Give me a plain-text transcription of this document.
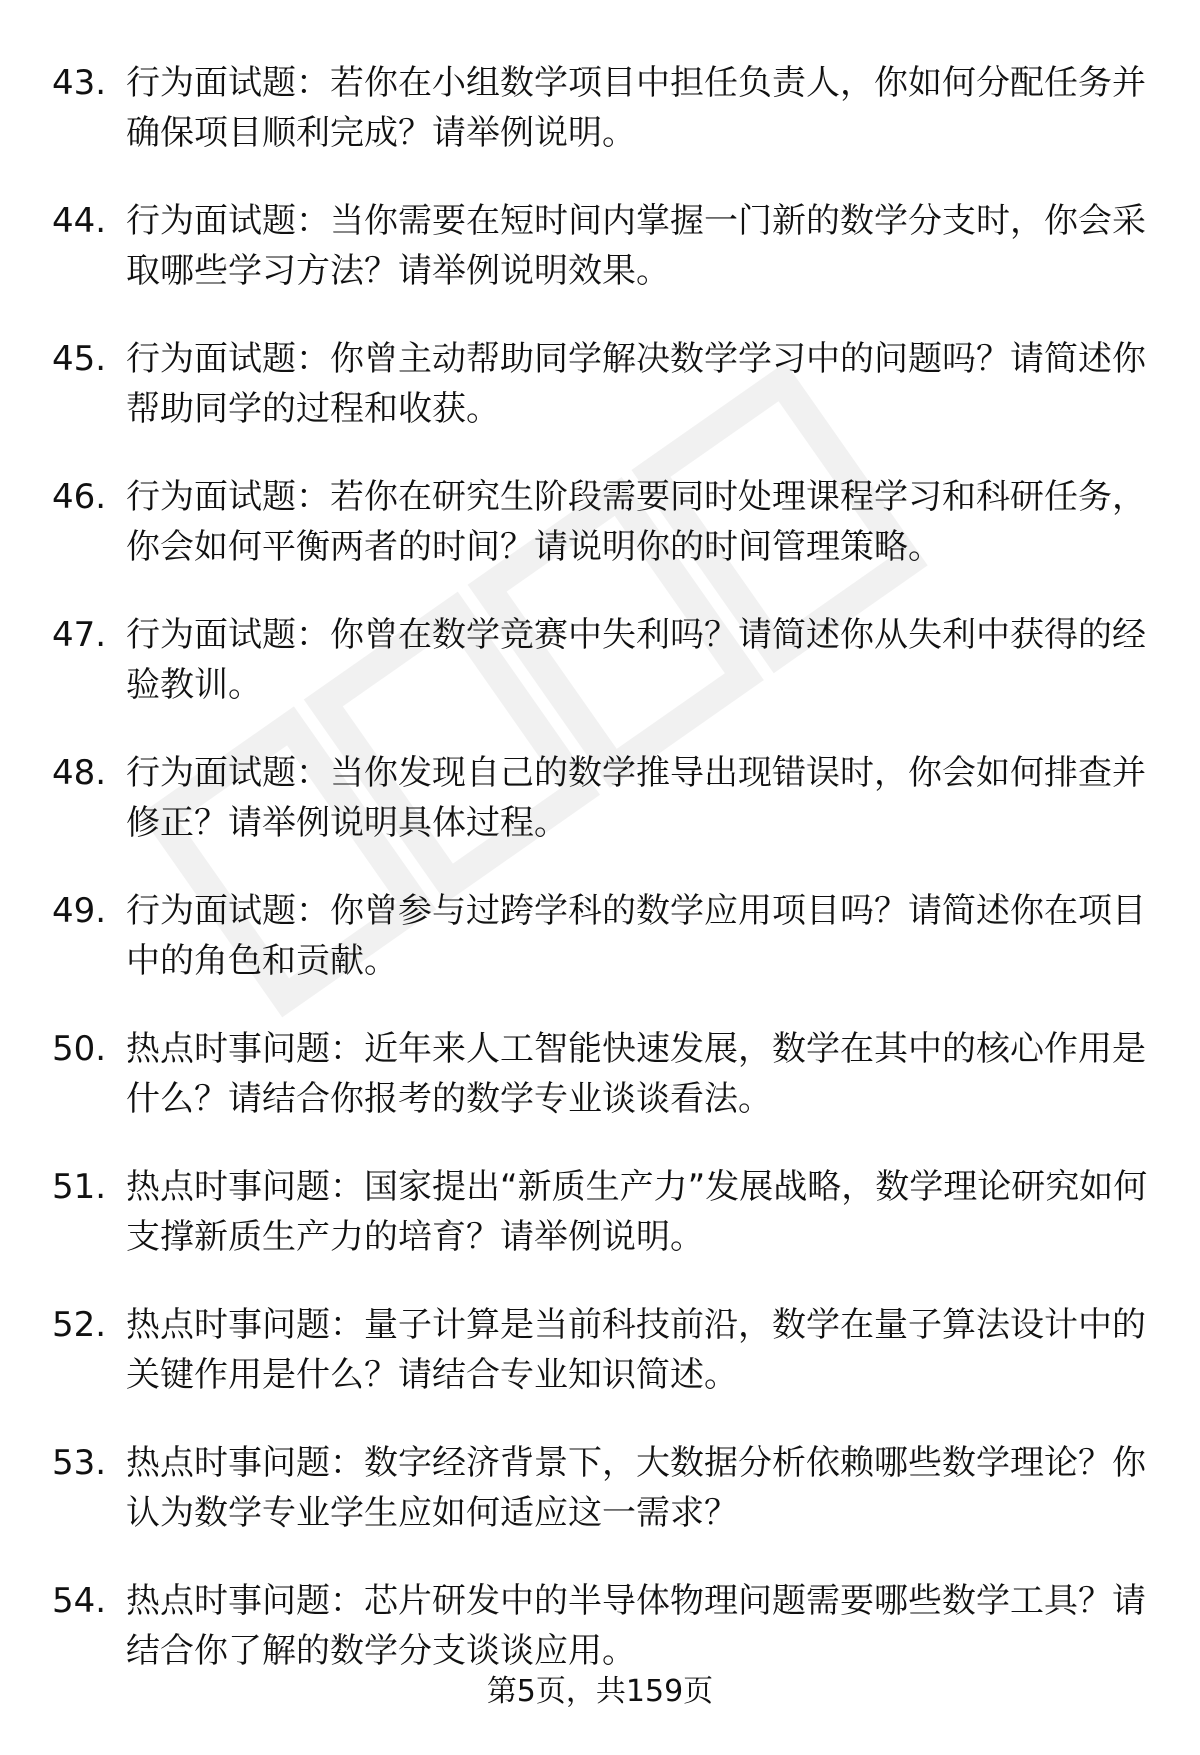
43. 行为面试题：若你在小组数学项目中担任负责人，你如何分配任务并确保项目顺利完成？请举例说明。
44. 行为面试题：当你需要在短时间内掌握一门新的数学分支时，你会采取哪些学习方法？请举例说明效果。
45. 行为面试题：你曾主动帮助同学解决数学学习中的问题吗？请简述你帮助同学的过程和收获。
46. 行为面试题：若你在研究生阶段需要同时处理课程学习和科研任务，你会如何平衡两者的时间？请说明你的时间管理策略。
47. 行为面试题：你曾在数学竞赛中失利吗？请简述你从失利中获得的经验教训。
48. 行为面试题：当你发现自己的数学推导出现错误时，你会如何排查并修正？请举例说明具体过程。
49. 行为面试题：你曾参与过跨学科的数学应用项目吗？请简述你在项目中的角色和贡献。
50. 热点时事问题：近年来人工智能快速发展，数学在其中的核心作用是什么？请结合你报考的数学专业谈谈看法。
51. 热点时事问题：国家提出“新质生产力”发展战略，数学理论研究如何支撑新质生产力的培育？请举例说明。
52. 热点时事问题：量子计算是当前科技前沿，数学在量子算法设计中的关键作用是什么？请结合专业知识简述。
53. 热点时事问题：数字经济背景下，大数据分析依赖哪些数学理论？你认为数学专业学生应如何适应这一需求？
54. 热点时事问题：芯片研发中的半导体物理问题需要哪些数学工具？请结合你了解的数学分支谈谈应用。
第5页，共159页
